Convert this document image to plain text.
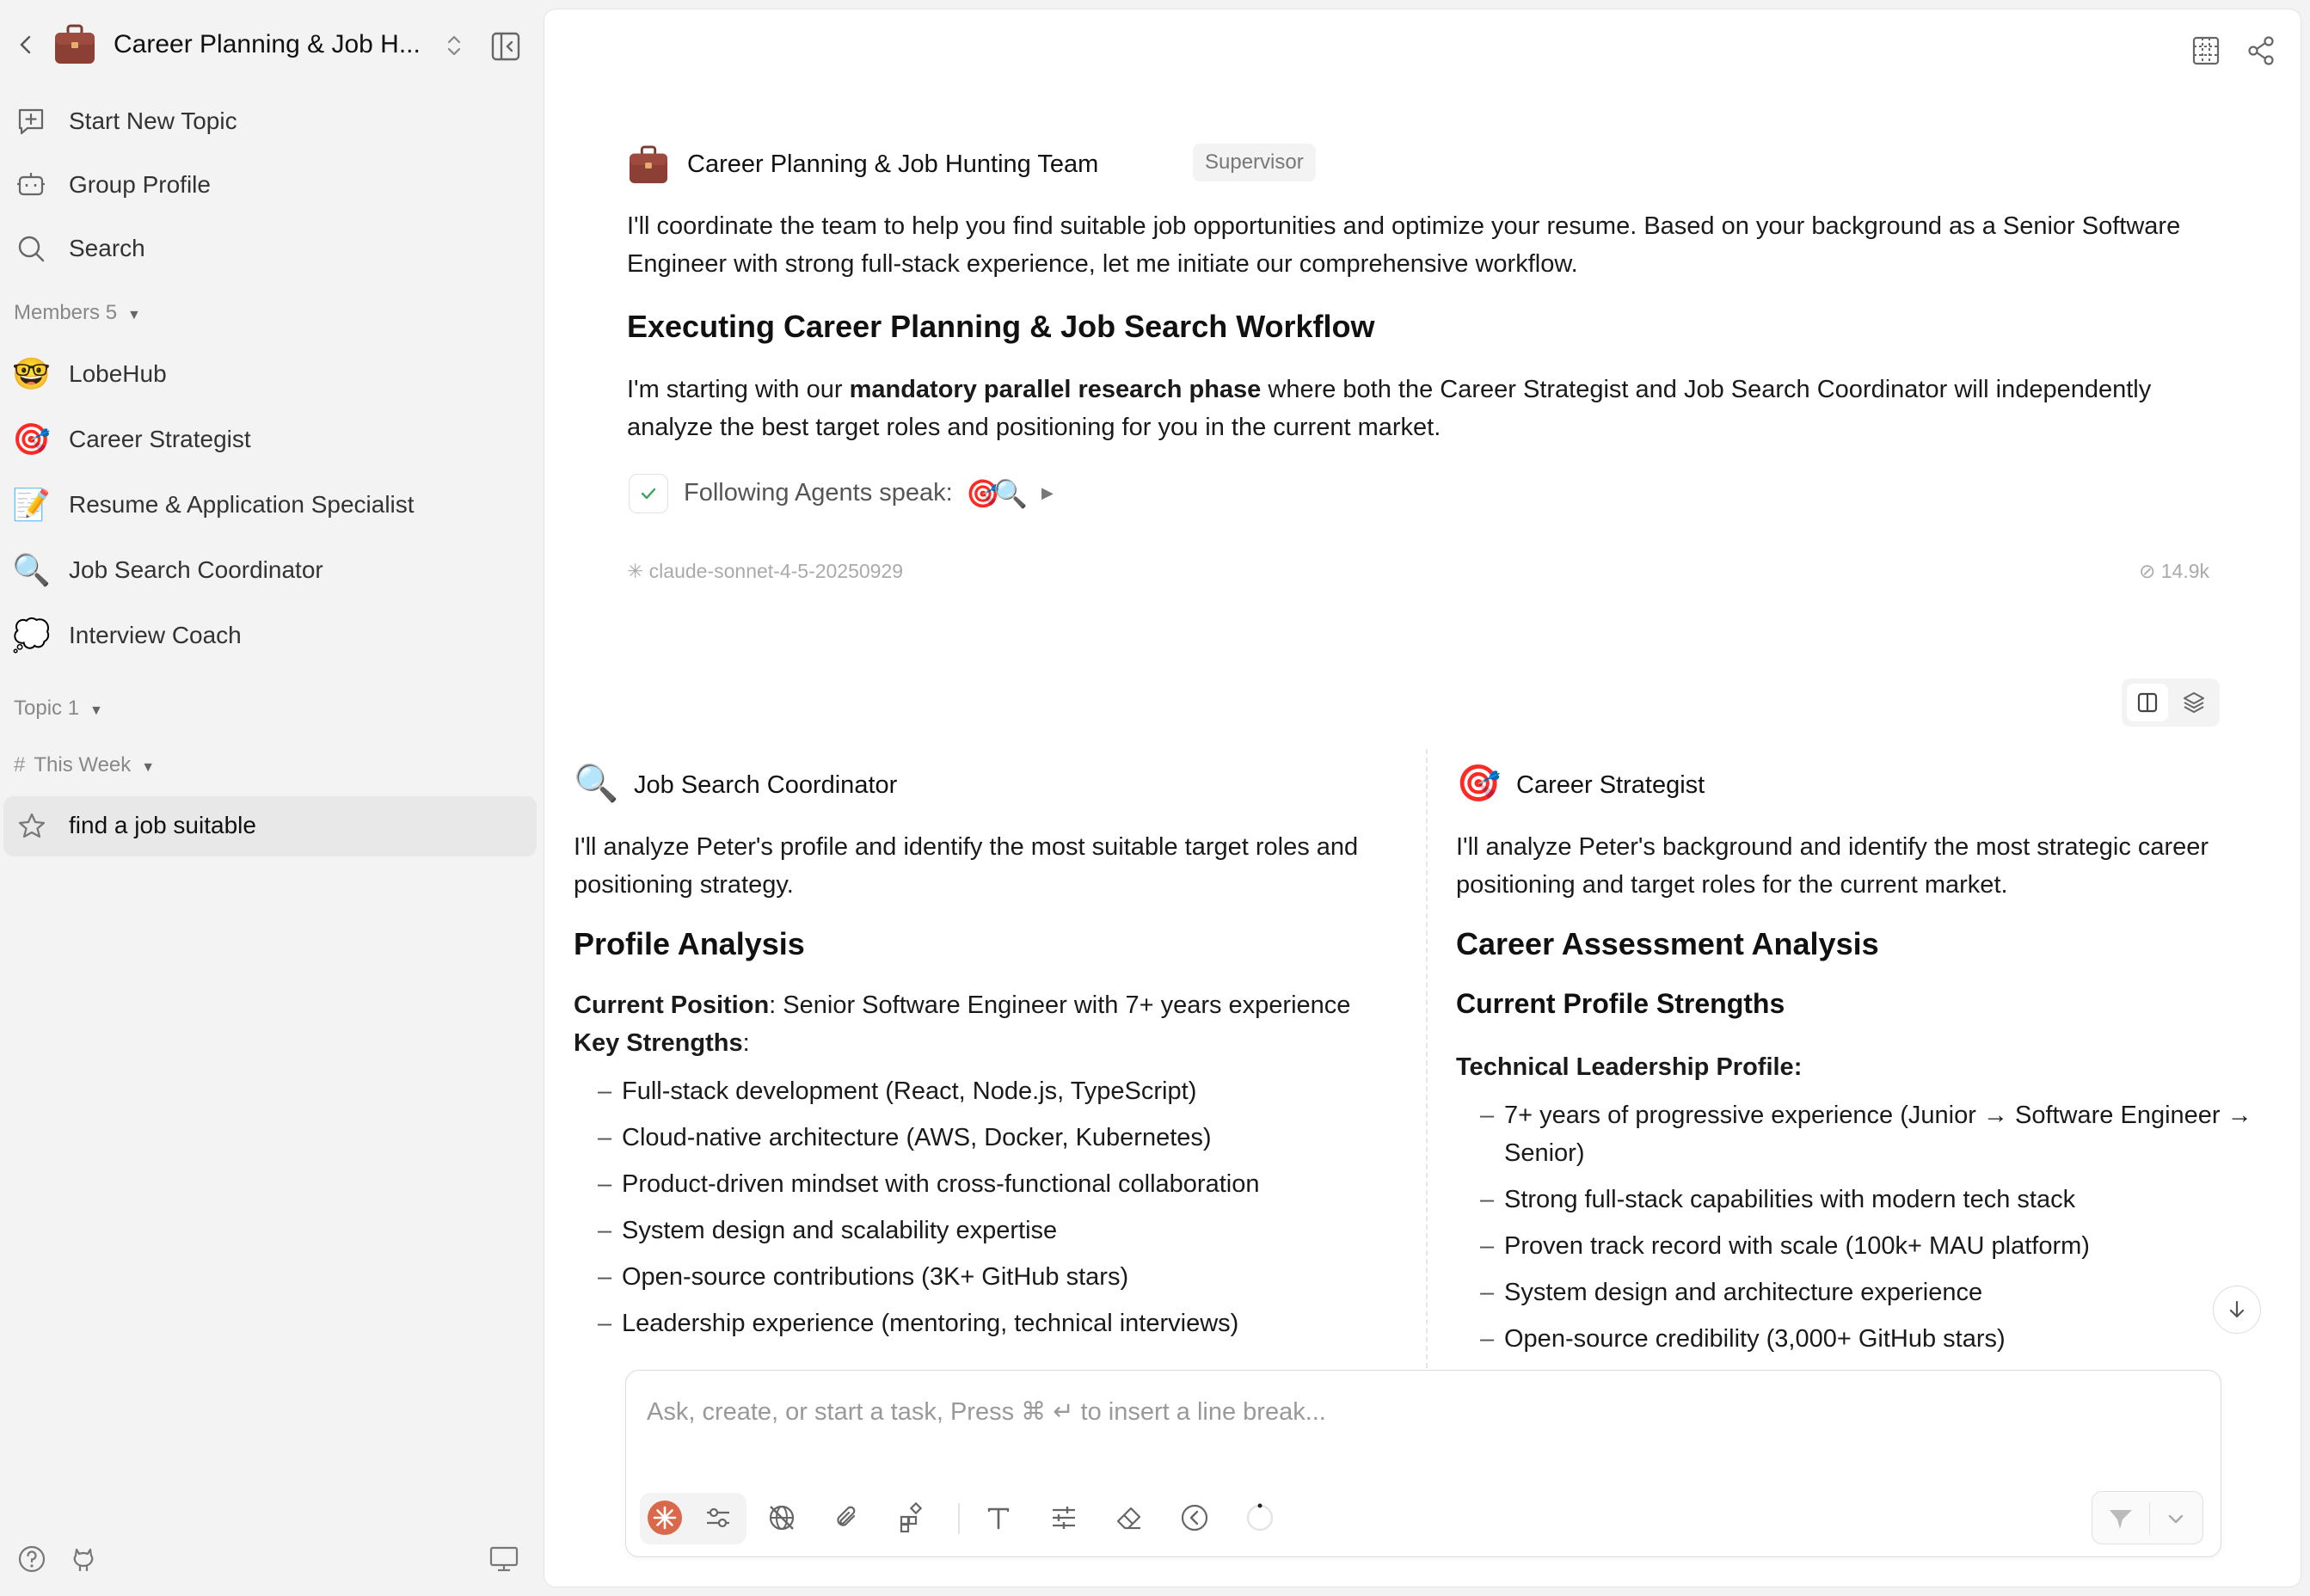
Career Planning & Job H...
Start New Topic
Group Profile
Search
Members 5 ▼
🤓 LobeHub
🎯 Career Strategist
📝 Resume & Application Specialist
🔍 Job Search Coordinator
💭 Interview Coach
Topic 1 ▼
# This Week ▼
find a job suitable
Career Planning & Job Hunting Team	Supervisor
I'll coordinate the team to help you find suitable job opportunities and optimize your resume. Based on your background as a Senior Software Engineer with strong full-stack experience, let me initiate our comprehensive workflow.
Executing Career Planning & Job Search Workflow
I'm starting with our mandatory parallel research phase where both the Career Strategist and Job Search Coordinator will independently analyze the best target roles and positioning for you in the current market.
Following Agents speak: 🎯
🔍 ▶
✳ claude-sonnet-4-5-20250929	⊘ 14.9k
🔍 Job Search Coordinator
I'll analyze Peter's profile and identify the most suitable target roles and positioning strategy.
Profile Analysis
Current Position: Senior Software Engineer with 7+ years experience
Key Strengths:
– Full-stack development (React, Node.js, TypeScript)
– Cloud-native architecture (AWS, Docker, Kubernetes)
– Product-driven mindset with cross-functional collaboration
– System design and scalability expertise
– Open-source contributions (3K+ GitHub stars)
– Leadership experience (mentoring, technical interviews)
🎯 Career Strategist
I'll analyze Peter's background and identify the most strategic career positioning and target roles for the current market.
Career Assessment Analysis
Current Profile Strengths
Technical Leadership Profile:
– 7+ years of progressive experience (Junior → Software Engineer → Senior)
– Strong full-stack capabilities with modern tech stack
– Proven track record with scale (100k+ MAU platform)
– System design and architecture experience
– Open-source credibility (3,000+ GitHub stars)
Ask, create, or start a task, Press ⌘ ↵ to insert a line break...
